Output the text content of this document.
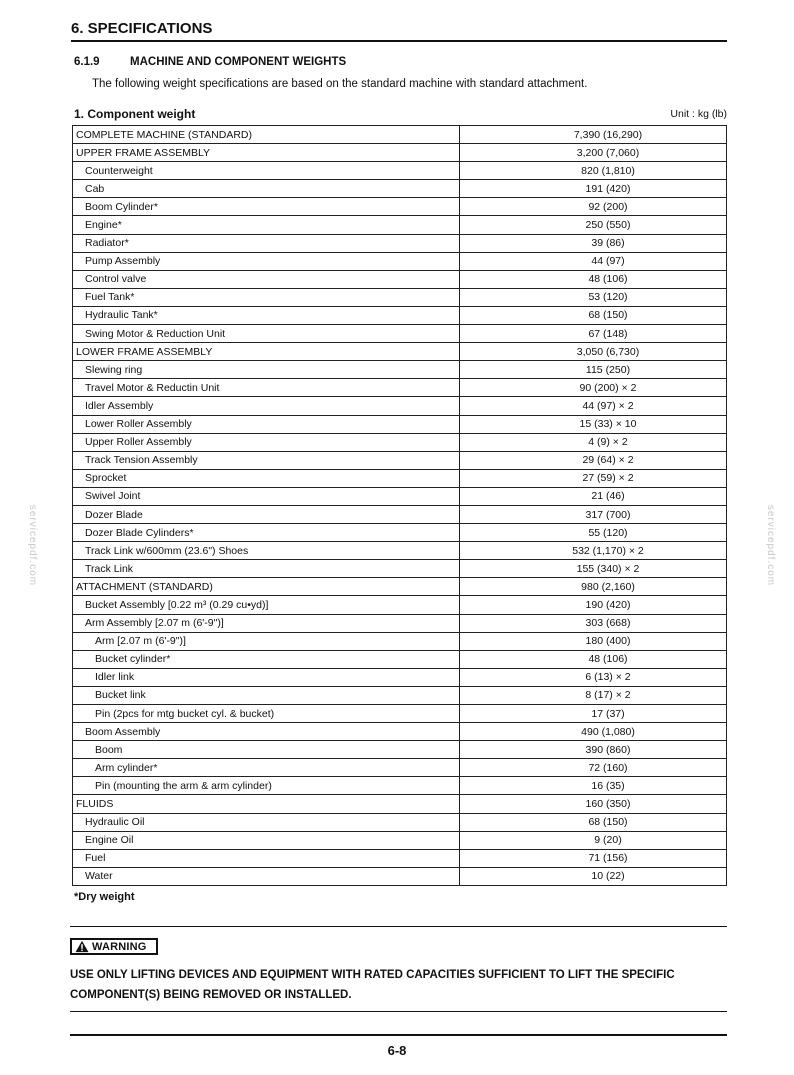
6. SPECIFICATIONS
6.1.9	MACHINE AND COMPONENT WEIGHTS
The following weight specifications are based on the standard machine with standard attachment.
1. Component weight	Unit : kg (lb)
COMPLETE MACHINE (STANDARD)	7,390 (16,290)
UPPER FRAME ASSEMBLY	3,200 (7,060)
Counterweight	820 (1,810)
Cab	191 (420)
Boom Cylinder*	92 (200)
Engine*	250 (550)
Radiator*	39 (86)
Pump Assembly	44 (97)
Control valve	48 (106)
Fuel Tank*	53 (120)
Hydraulic Tank*	68 (150)
Swing Motor & Reduction Unit	67 (148)
LOWER FRAME ASSEMBLY	3,050 (6,730)
Slewing ring	115 (250)
Travel Motor & Reductin Unit	90 (200) × 2
Idler Assembly	44 (97) × 2
Lower Roller Assembly	15 (33) × 10
Upper Roller Assembly	4 (9) × 2
Track Tension Assembly	29 (64) × 2
Sprocket	27 (59) × 2
Swivel Joint	21 (46)
Dozer Blade	317 (700)
Dozer Blade Cylinders*	55 (120)
Track Link w/600mm (23.6") Shoes	532 (1,170) × 2
Track Link	155 (340) × 2
ATTACHMENT (STANDARD)	980 (2,160)
Bucket Assembly [0.22 m³ (0.29 cu•yd)]	190 (420)
Arm Assembly [2.07 m (6'-9")]	303 (668)
Arm [2.07 m (6'-9")]	180 (400)
Bucket cylinder*	48 (106)
Idler link	6 (13) × 2
Bucket link	8 (17) × 2
Pin (2pcs for mtg bucket cyl. & bucket)	17 (37)
Boom Assembly	490 (1,080)
Boom	390 (860)
Arm cylinder*	72 (160)
Pin (mounting the arm & arm cylinder)	16 (35)
FLUIDS	160 (350)
Hydraulic Oil	68 (150)
Engine Oil	9 (20)
Fuel	71 (156)
Water	10 (22)
*Dry weight
WARNING
USE ONLY LIFTING DEVICES AND EQUIPMENT WITH RATED CAPACITIES SUFFICIENT TO LIFT THE SPECIFIC COMPONENT(S) BEING REMOVED OR INSTALLED.
6-8
servicepdf.com	servicepdf.com
